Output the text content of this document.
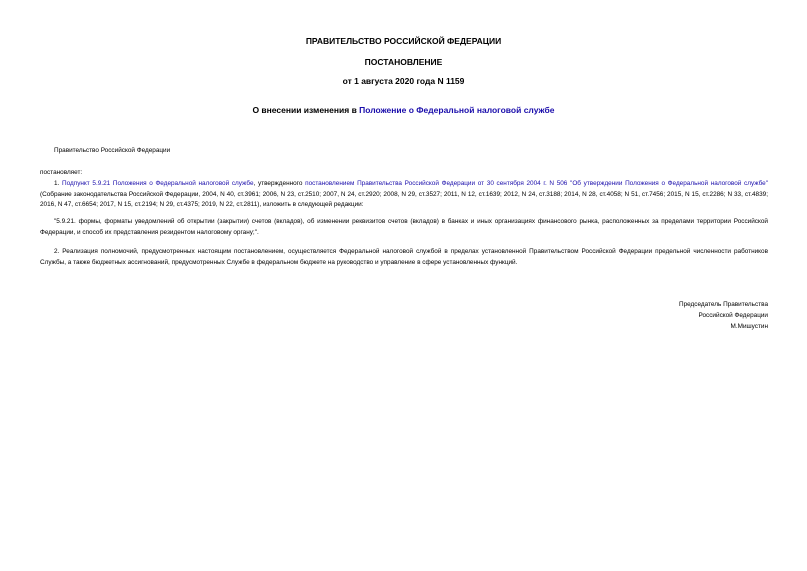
ПРАВИТЕЛЬСТВО РОССИЙСКОЙ ФЕДЕРАЦИИ
ПОСТАНОВЛЕНИЕ
от 1 августа 2020 года N 1159
О внесении изменения в Положение о Федеральной налоговой службе
Правительство Российской Федерации
постановляет:
1. Подпункт 5.9.21 Положения о Федеральной налоговой службе, утвержденного постановлением Правительства Российской Федерации от 30 сентября 2004 г. N 506 "Об утверждении Положения о Федеральной налоговой службе" (Собрание законодательства Российской Федерации, 2004, N 40, ст.3961; 2006, N 23, ст.2510; 2007, N 24, ст.2920; 2008, N 29, ст.3527; 2011, N 12, ст.1639; 2012, N 24, ст.3188; 2014, N 28, ст.4058; N 51, ст.7456; 2015, N 15, ст.2286; N 33, ст.4839; 2016, N 47, ст.6654; 2017, N 15, ст.2194; N 29, ст.4375; 2019, N 22, ст.2811), изложить в следующей редакции:
"5.9.21. формы, форматы уведомлений об открытии (закрытии) счетов (вкладов), об изменении реквизитов счетов (вкладов) в банках и иных организациях финансового рынка, расположенных за пределами территории Российской Федерации, и способ их представления резидентом налоговому органу;".
2. Реализация полномочий, предусмотренных настоящим постановлением, осуществляется Федеральной налоговой службой в пределах установленной Правительством Российской Федерации предельной численности работников Службы, а также бюджетных ассигнований, предусмотренных Службе в федеральном бюджете на руководство и управление в сфере установленных функций.
Председатель Правительства
Российской Федерации
М.Мишустин
